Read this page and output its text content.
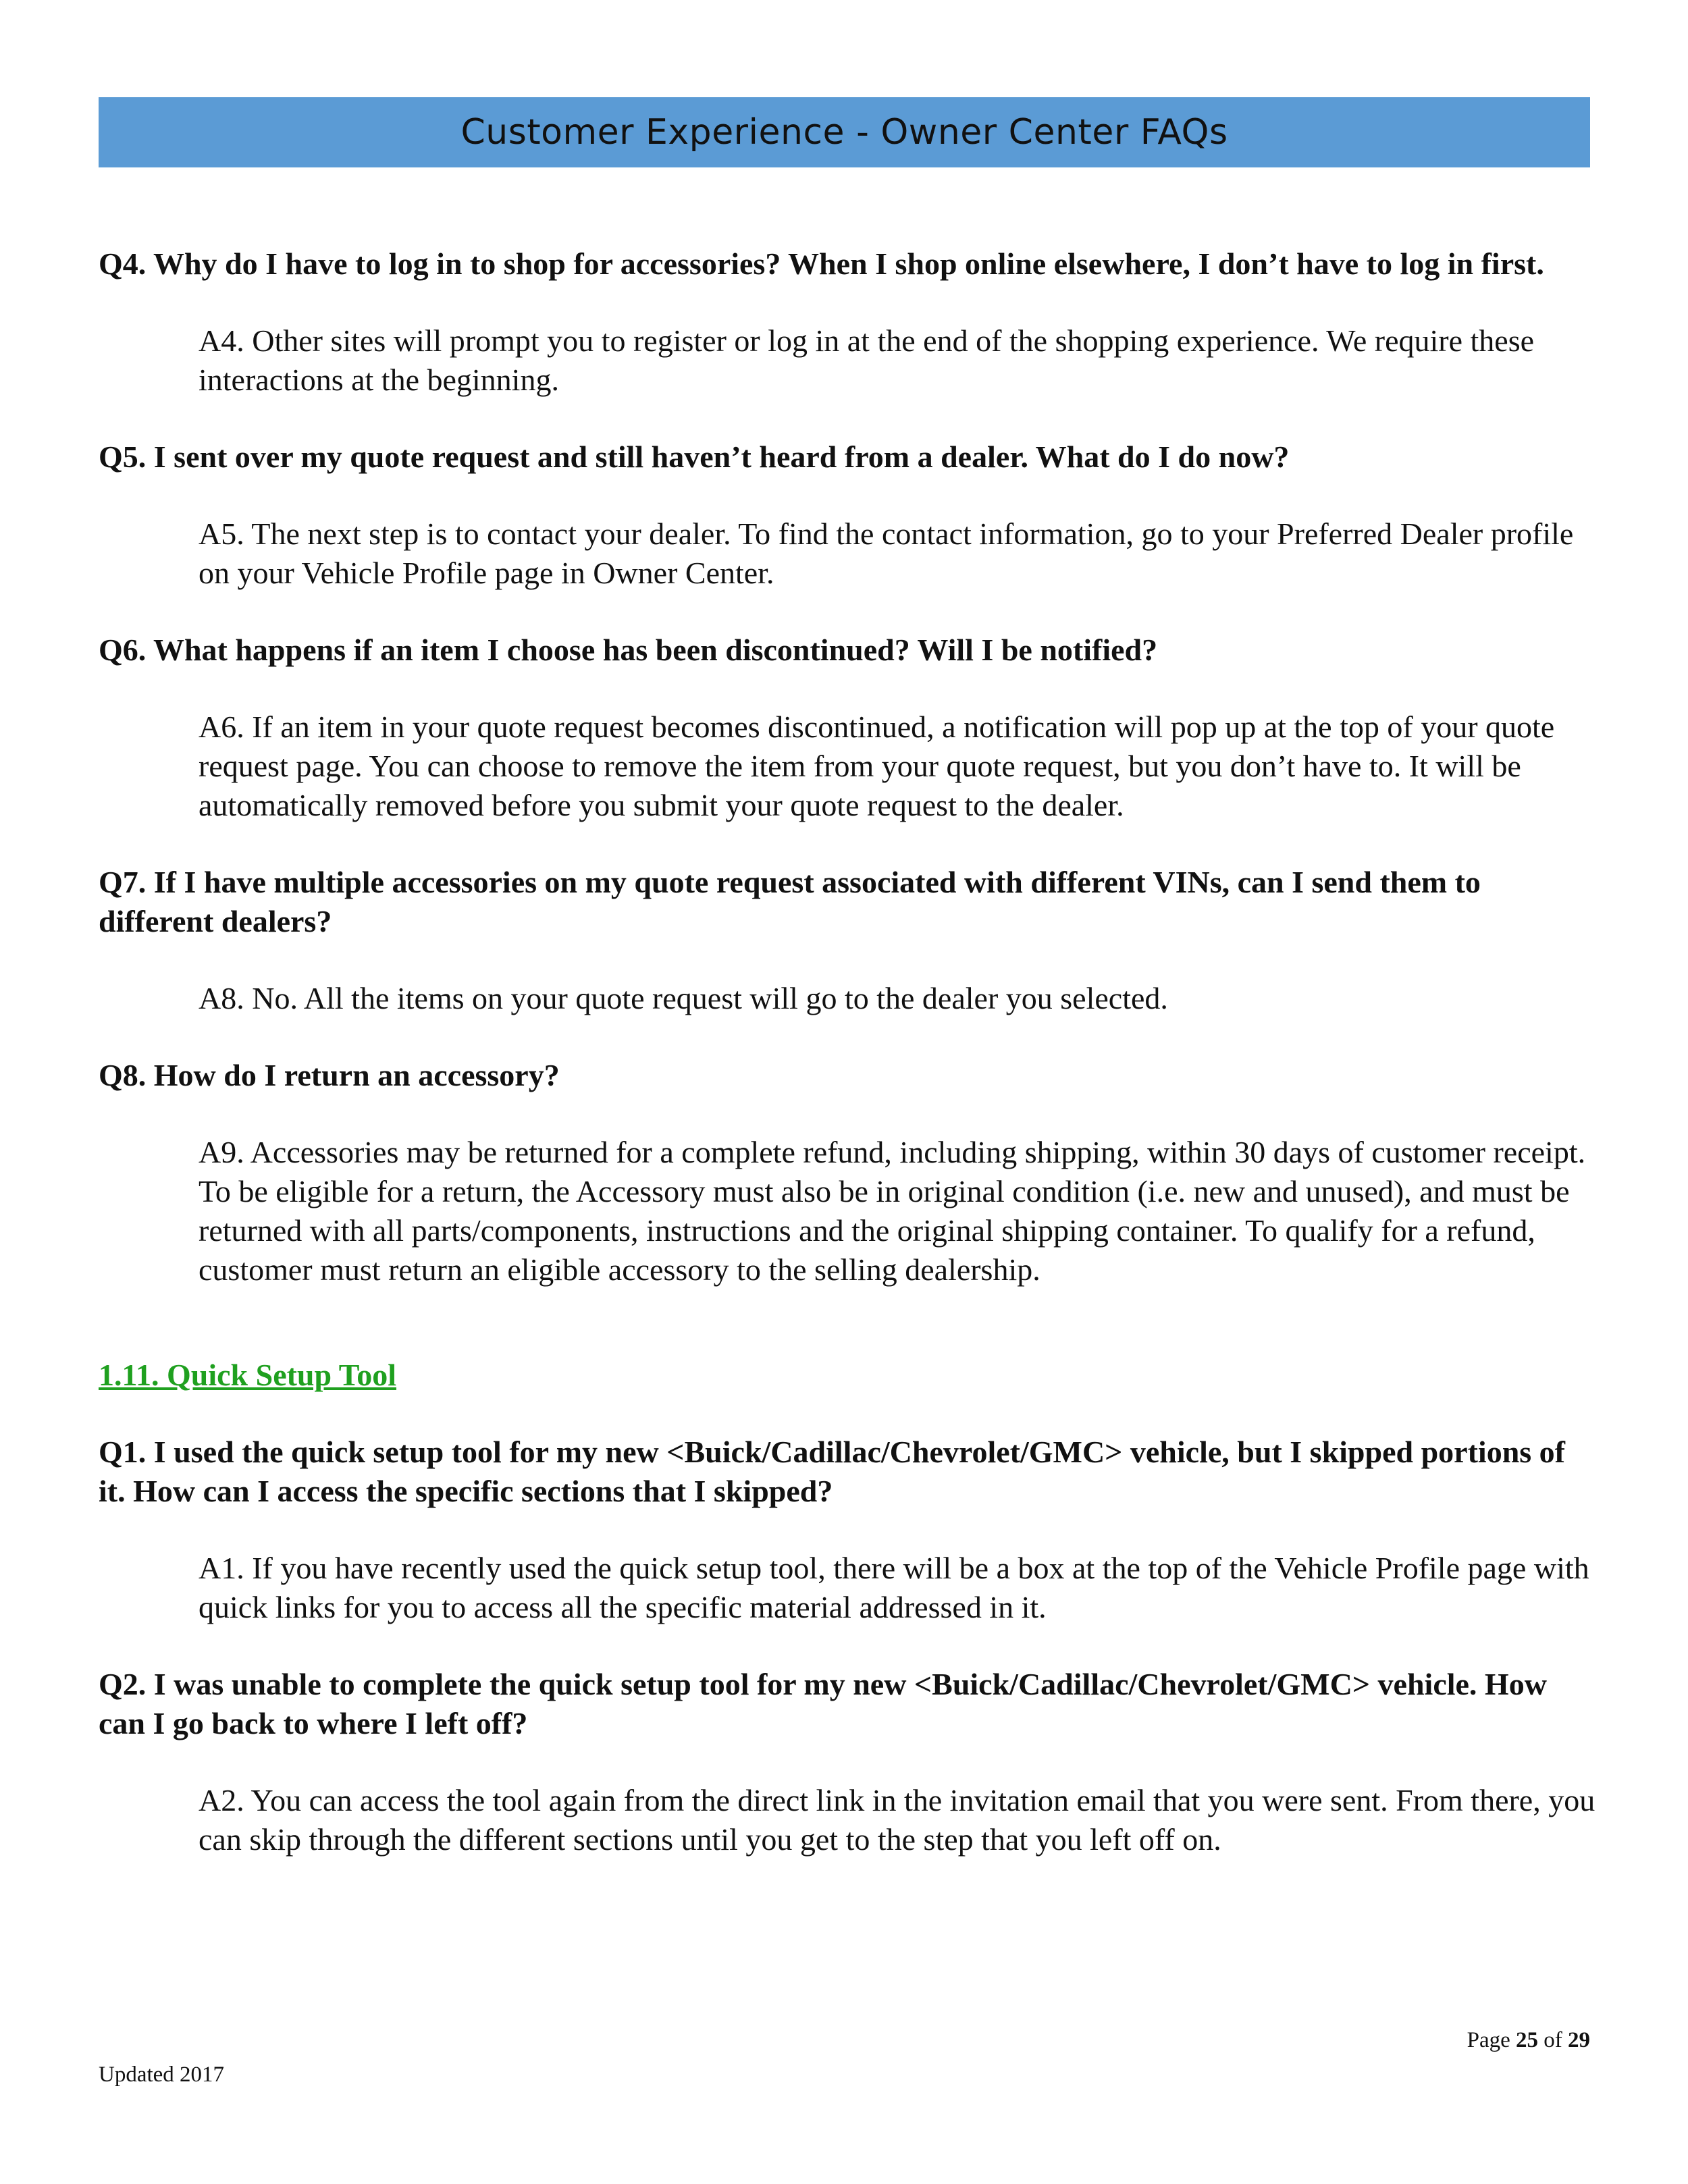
Customer Experience - Owner Center FAQs
Q4. Why do I have to log in to shop for accessories? When I shop online elsewhere, I don’t have to log in first.
A4. Other sites will prompt you to register or log in at the end of the shopping experience. We require these interactions at the beginning.
Q5. I sent over my quote request and still haven’t heard from a dealer. What do I do now?
A5. The next step is to contact your dealer. To find the contact information, go to your Preferred Dealer profile on your Vehicle Profile page in Owner Center.
Q6. What happens if an item I choose has been discontinued? Will I be notified?
A6. If an item in your quote request becomes discontinued, a notification will pop up at the top of your quote request page. You can choose to remove the item from your quote request, but you don’t have to. It will be automatically removed before you submit your quote request to the dealer.
Q7. If I have multiple accessories on my quote request associated with different VINs, can I send them to different dealers?
A8. No. All the items on your quote request will go to the dealer you selected.
Q8. How do I return an accessory?
A9. Accessories may be returned for a complete refund, including shipping, within 30 days of customer receipt. To be eligible for a return, the Accessory must also be in original condition (i.e. new and unused), and must be returned with all parts/components, instructions and the original shipping container. To qualify for a refund, customer must return an eligible accessory to the selling dealership.
1.11. Quick Setup Tool
Q1. I used the quick setup tool for my new <Buick/Cadillac/Chevrolet/GMC> vehicle, but I skipped portions of it. How can I access the specific sections that I skipped?
A1. If you have recently used the quick setup tool, there will be a box at the top of the Vehicle Profile page with quick links for you to access all the specific material addressed in it.
Q2. I was unable to complete the quick setup tool for my new <Buick/Cadillac/Chevrolet/GMC> vehicle. How can I go back to where I left off?
A2. You can access the tool again from the direct link in the invitation email that you were sent. From there, you can skip through the different sections until you get to the step that you left off on.
Page 25 of 29
Updated 2017
